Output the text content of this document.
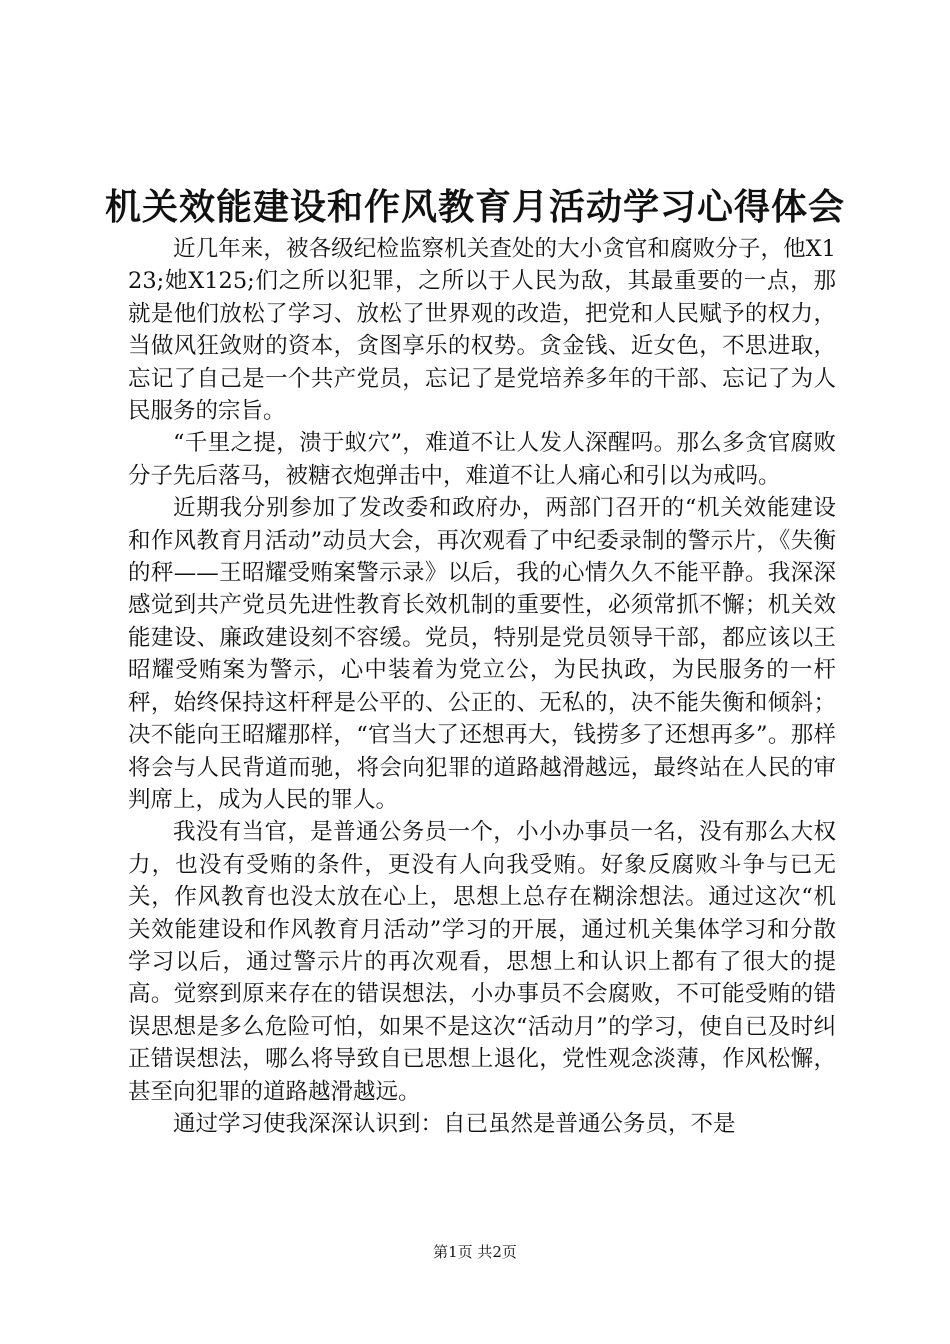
机关效能建设和作风教育月活动学习心得体会

近几年来，被各级纪检监察机关查处的大小贪官和腐败分子，他X123;她X125;们之所以犯罪，之所以于人民为敌，其最重要的一点，那就是他们放松了学习、放松了世界观的改造，把党和人民赋予的权力，当做风狂敛财的资本，贪图享乐的权势。贪金钱、近女色，不思进取，忘记了自己是一个共产党员，忘记了是党培养多年的干部、忘记了为人民服务的宗旨。

“千里之提，溃于蚁穴”，难道不让人发人深醒吗。那么多贪官腐败分子先后落马，被糖衣炮弹击中，难道不让人痛心和引以为戒吗。

近期我分别参加了发改委和政府办，两部门召开的“机关效能建设和作风教育月活动”动员大会，再次观看了中纪委录制的警示片，《失衡的秤——王昭耀受贿案警示录》以后，我的心情久久不能平静。我深深感觉到共产党员先进性教育长效机制的重要性，必须常抓不懈；机关效能建设、廉政建设刻不容缓。党员，特别是党员领导干部，都应该以王昭耀受贿案为警示，心中装着为党立公，为民执政，为民服务的一杆秤，始终保持这杆秤是公平的、公正的、无私的，决不能失衡和倾斜；决不能向王昭耀那样，“官当大了还想再大，钱捞多了还想再多”。那样将会与人民背道而驰，将会向犯罪的道路越滑越远，最终站在人民的审判席上，成为人民的罪人。

我没有当官，是普通公务员一个，小小办事员一名，没有那么大权力，也没有受贿的条件，更没有人向我受贿。好象反腐败斗争与已无关，作风教育也没太放在心上，思想上总存在糊涂想法。通过这次“机关效能建设和作风教育月活动”学习的开展，通过机关集体学习和分散学习以后，通过警示片的再次观看，思想上和认识上都有了很大的提高。觉察到原来存在的错误想法，小办事员不会腐败，不可能受贿的错误思想是多么危险可怕，如果不是这次“活动月”的学习，使自已及时纠正错误想法，哪么将导致自已思想上退化，党性观念淡薄，作风松懈，甚至向犯罪的道路越滑越远。

通过学习使我深深认识到：自已虽然是普通公务员，不是

第1页 共2页
